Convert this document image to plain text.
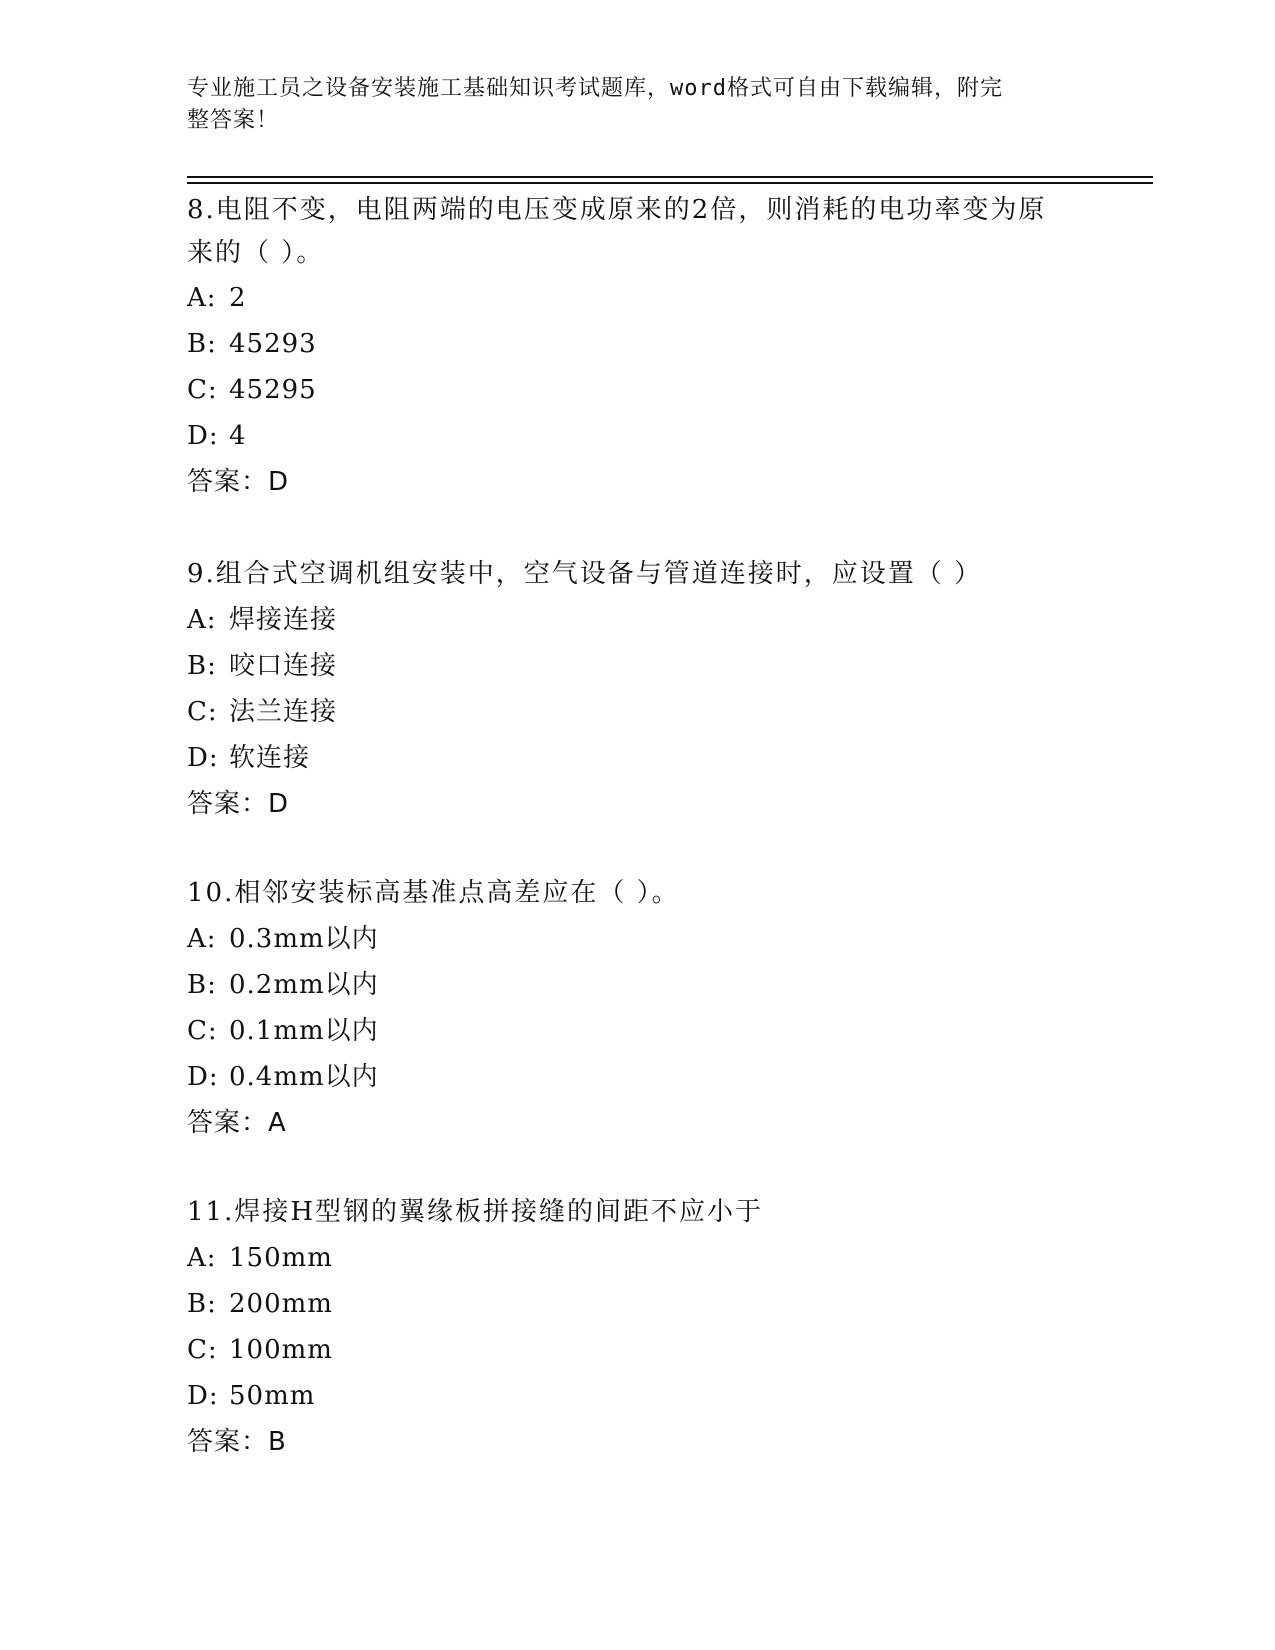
专业施工员之设备安装施工基础知识考试题库，word格式可自由下载编辑，附完
整答案！

8.电阻不变，电阻两端的电压变成原来的2倍，则消耗的电功率变为原来的（ ）。

A: 2

B: 45293

C: 45295

D: 4

答案：D

9.组合式空调机组安装中，空气设备与管道连接时，应设置（ ）

A: 焊接连接

B: 咬口连接

C: 法兰连接

D: 软连接

答案：D

10.相邻安装标高基准点高差应在（ ）。

A: 0.3mm以内

B: 0.2mm以内

C: 0.1mm以内

D: 0.4mm以内

答案：A

11.焊接H型钢的翼缘板拼接缝的间距不应小于

A: 150mm

B: 200mm

C: 100mm

D: 50mm

答案：B
